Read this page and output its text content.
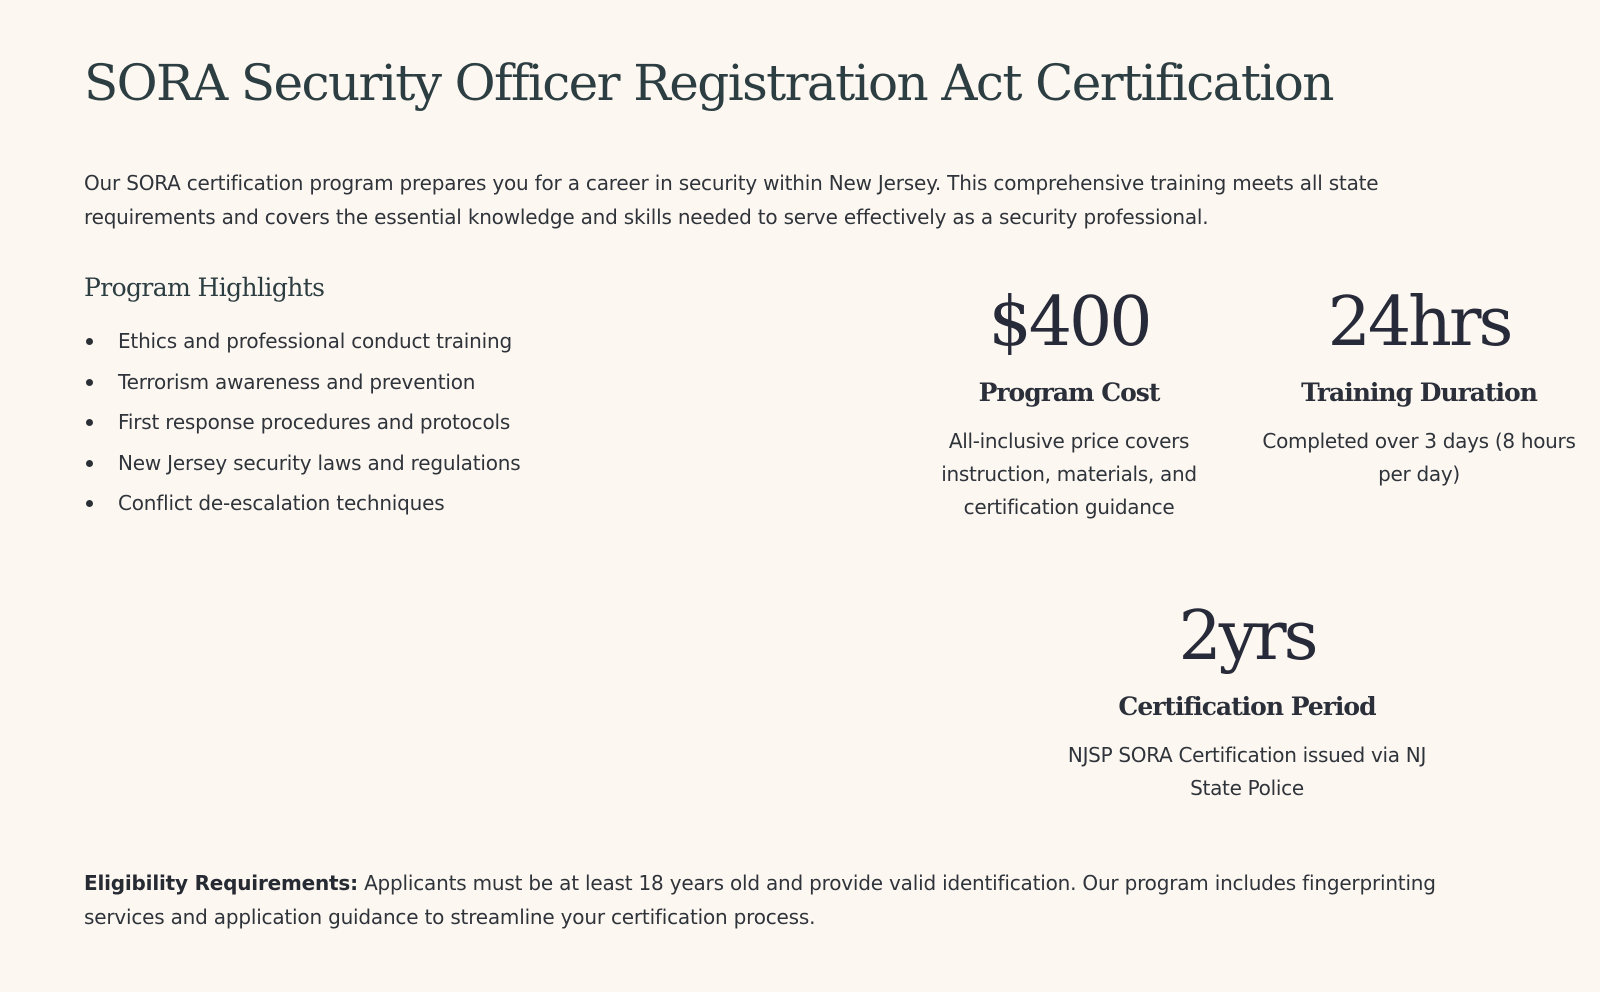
SORA Security Officer Registration Act Certification

Our SORA certification program prepares you for a career in security within New Jersey. This comprehensive training meets all state requirements and covers the essential knowledge and skills needed to serve effectively as a security professional.

Program Highlights
Ethics and professional conduct training
Terrorism awareness and prevention
First response procedures and protocols
New Jersey security laws and regulations
Conflict de-escalation techniques
$400
Program Cost
All-inclusive price covers instruction, materials, and certification guidance
24hrs
Training Duration
Completed over 3 days (8 hours per day)
2yrs
Certification Period
NJSP SORA Certification issued via NJ State Police

Eligibility Requirements: Applicants must be at least 18 years old and provide valid identification. Our program includes fingerprinting services and application guidance to streamline your certification process.
